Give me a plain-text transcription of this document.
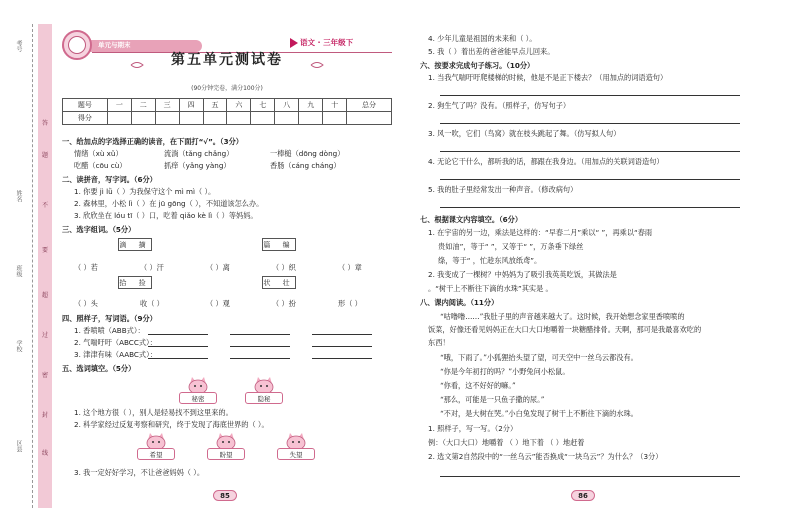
考号
姓名
班级
学校
区县
答
题
不
要
超
过
密
封
线
单元与期末	语文 · 三年级下
第五单元测试卷
(90分钟完卷，满分100分)
题号	一	二	三	四	五	六	七	八	九	十	总分
得分											
一、给加点的字选择正确的读音，在下面打“√”。（3分）
情绪（xù xǔ）	流淌（tǎng chǎng）	一棒槌（dōng dòng）
吃醋（cōu cù）	抓痒（yǎng yàng）	香肠（cáng cháng）
二、读拼音，写字词。（6分）
1. 你要 jì lǜ（ ）为我保守这个 mì mì（ ）。
2. 森林里，小松 lì（ ）在 jū gōng（ ），不知道该怎么办。
3. 欣欣坐在 lóu tī（ ）口，吃着 qiǎo kè lì（ ）等妈妈。
三、选字组词。（5分）
滴 摘	篇 编
（ ）若	（ ）汗	（ ）离	（ ）织	（ ）章
拾 捡	状 壮
（ ）头	收（ ）	（ ）观	（ ）扮	形（ ）
四、照样子，写词语。（9分）
1. 香喷喷（ABB式）：
2. 气喘吁吁（ABCC式）：
3. 津津有味（AABC式）：
五、选词填空。（5分）
秘密	隐秘
1. 这个地方很（ ），别人是轻易找不到这里来的。
2. 科学家经过反复考察和研究，终于发现了海底世界的（ ）。
希望	盼望	失望
3. 我一定好好学习，不让爸爸妈妈（ ）。
85
4. 少年儿童是祖国的未来和（ ）。
5. 我（ ）着出差的爸爸能早点儿回来。
六、按要求完成句子练习。（10分）
1. 当我气喘吁吁爬楼梯的时候，他是不是正下楼去？（用加点的词语造句）
2. 狗生气了吗？没有。（照样子，仿写句子）
3. 风一吹，它们（鸟窝）就在枝头跳起了舞。（仿写拟人句）
4. 无论它干什么，都听我的话，都跟在我身边。（用加点的关联词语造句）
5. 我的肚子里经常发出一种声音。（修改病句）
七、根据课文内容填空。（6分）
1. 在宇宙的另一边，乘法是这样的：“早春二月”乘以“ ”，再乘以“春雨
贵如油”，等于“ ”，又等于“ ”，万条垂下绿丝
绦，等于“ ，忙趁东风放纸鸢”。
2. 我变成了一棵树？中妈妈为了吸引我英英吃饭，其做法是
。“树干上不断往下滴的水珠”其实是 。
八、课内阅读。（11分）
“咕噜噜……”我肚子里的声音越来越大了。这时候，我开始想念家里香喷喷的
饭菜，好像还看见妈妈正在大口大口地嚼着一块糖醋排骨。天啊，那可是我最喜欢吃的
东西！
“哦，下雨了。”小狐狸抬头望了望，可天空中一丝乌云都没有。
“你是今年初打的吗？”小野兔问小松鼠。
“你看，这不好好的嘛。”
“那么，可能是一只鱼子撒的尿。”
“不对，是大树在哭。”小白兔发现了树干上不断往下滴的水珠。
1. 照样子，写一写。（2分）
例：（大口大口）地嚼着 （ ）地下着 （ ）地赶着
2. 选文第2自然段中的“一丝乌云”能否换成“一块乌云”？为什么？（3分）
86
